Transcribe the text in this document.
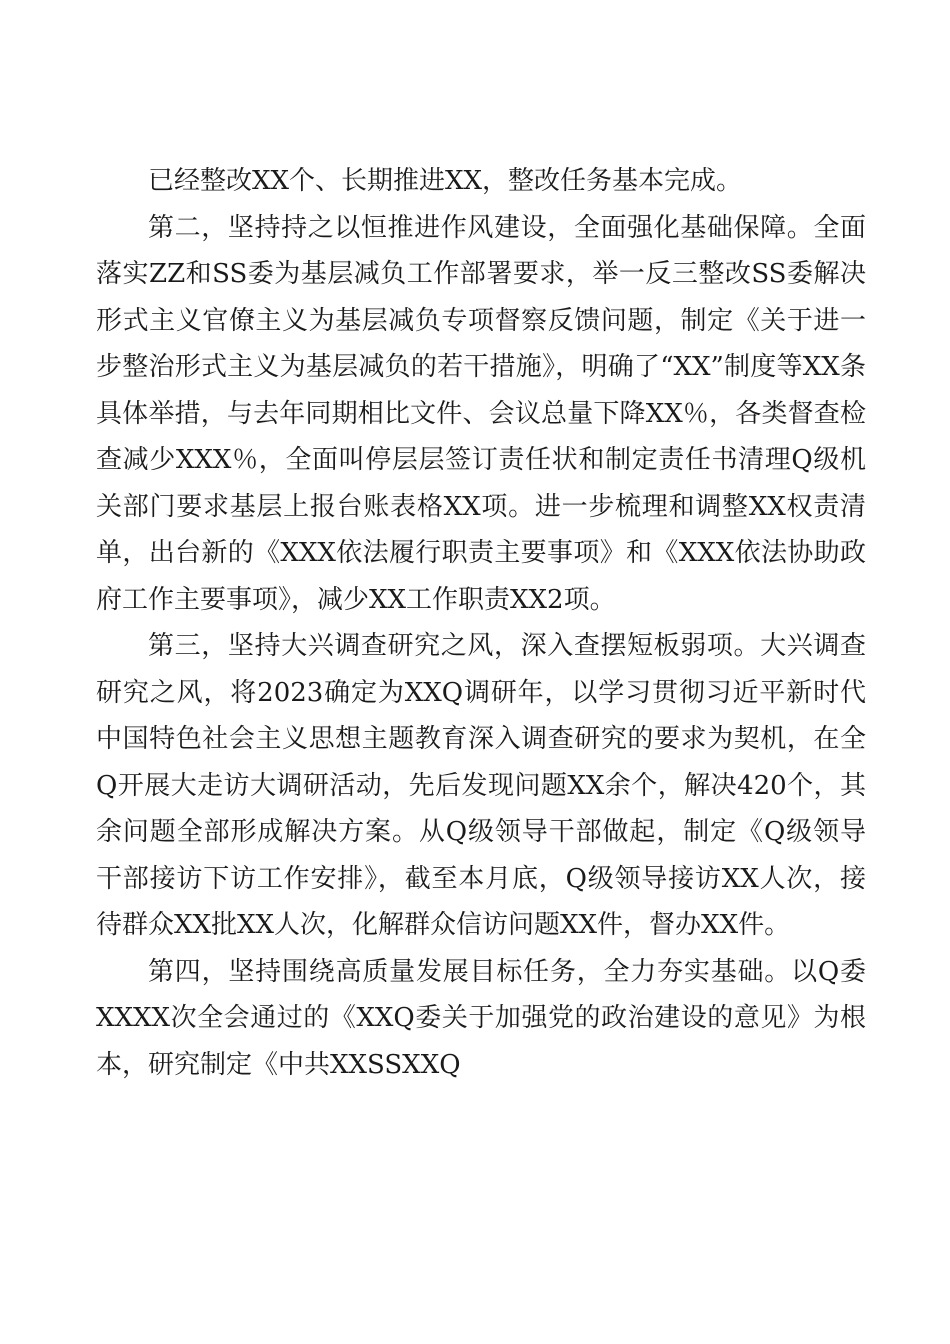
已经整改XX个、长期推进XX，整改任务基本完成。

第二，坚持持之以恒推进作风建设，全面强化基础保障。全面落实ZZ和SS委为基层减负工作部署要求，举一反三整改SS委解决形式主义官僚主义为基层减负专项督察反馈问题，制定《关于进一步整治形式主义为基层减负的若干措施》，明确了“XX”制度等XX条具体举措，与去年同期相比文件、会议总量下降XX％，各类督查检查减少XXX％，全面叫停层层签订责任状和制定责任书清理Q级机关部门要求基层上报台账表格XX项。进一步梳理和调整XX权责清单，出台新的《XXX依法履行职责主要事项》和《XXX依法协助政府工作主要事项》，减少XX工作职责XX2项。

第三，坚持大兴调查研究之风，深入查摆短板弱项。大兴调查研究之风，将2023确定为XXQ调研年，以学习贯彻习近平新时代中国特色社会主义思想主题教育深入调查研究的要求为契机，在全Q开展大走访大调研活动，先后发现问题XX余个，解决420个，其余问题全部形成解决方案。从Q级领导干部做起，制定《Q级领导干部接访下访工作安排》，截至本月底，Q级领导接访XX人次，接待群众XX批XX人次，化解群众信访问题XX件，督办XX件。

第四，坚持围绕高质量发展目标任务，全力夯实基础。以Q委XXXX次全会通过的《XXQ委关于加强党的政治建设的意见》为根本，研究制定《中共XXSSXXQ
